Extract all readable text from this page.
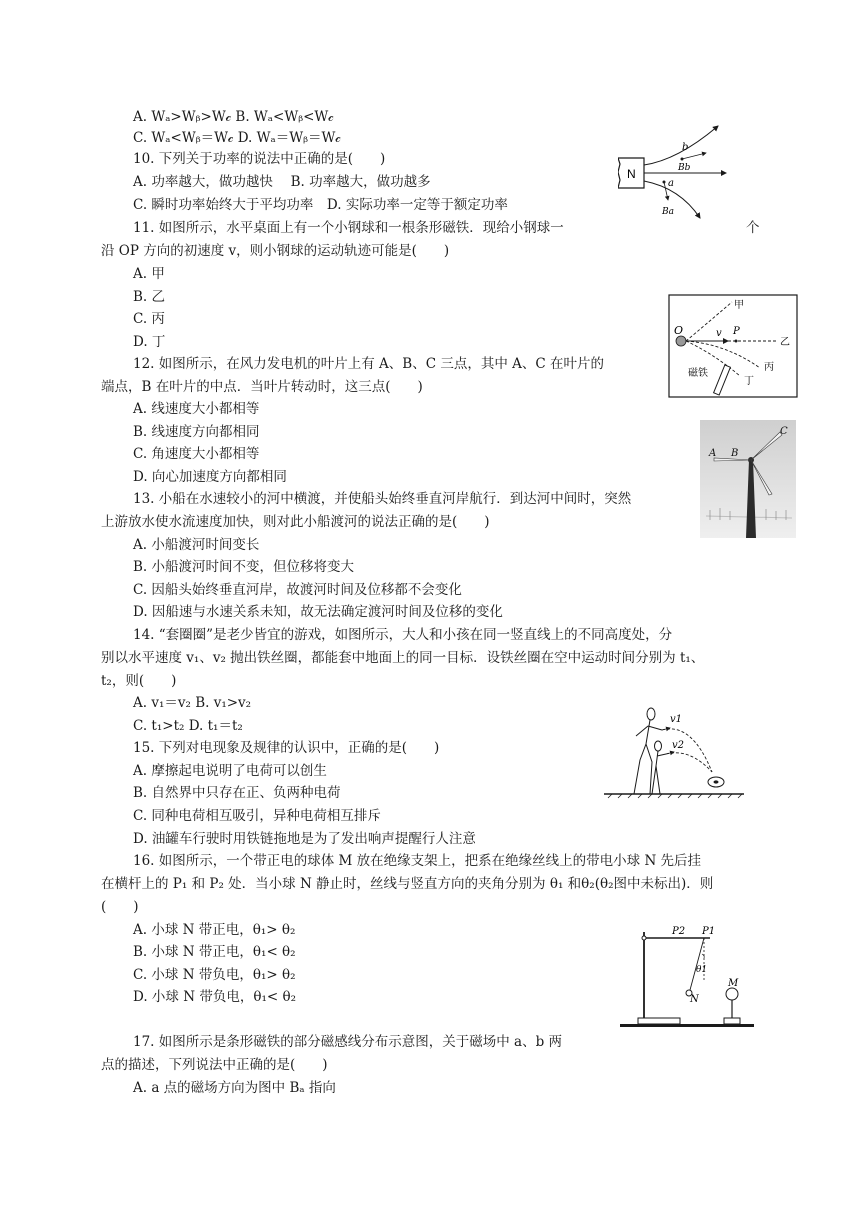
A. Wₐ>Wᵦ>W𝒸 B. Wₐ<Wᵦ<W𝒸
C. Wₐ<Wᵦ＝W𝒸 D. Wₐ＝Wᵦ＝W𝒸
10. 下列关于功率的说法中正确的是(　　)
A. 功率越大，做功越快　 B. 功率越大，做功越多
C. 瞬时功率始终大于平均功率　D. 实际功率一定等于额定功率
11. 如图所示，水平桌面上有一个小钢球和一根条形磁铁．现给小钢球一	个
沿 OP 方向的初速度 v，则小钢球的运动轨迹可能是(　　)
A. 甲
B. 乙
C. 丙
D. 丁
12. 如图所示，在风力发电机的叶片上有 A、B、C 三点，其中 A、C 在叶片的
端点，B 在叶片的中点．当叶片转动时，这三点(　　)
A. 线速度大小都相等
B. 线速度方向都相同
C. 角速度大小都相等
D. 向心加速度方向都相同
13. 小船在水速较小的河中横渡，并使船头始终垂直河岸航行．到达河中间时，突然
上游放水使水流速度加快，则对此小船渡河的说法正确的是(　　)
A. 小船渡河时间变长
B. 小船渡河时间不变，但位移将变大
C. 因船头始终垂直河岸，故渡河时间及位移都不会变化
D. 因船速与水速关系未知，故无法确定渡河时间及位移的变化
14. “套圈圈”是老少皆宜的游戏，如图所示，大人和小孩在同一竖直线上的不同高度处，分
别以水平速度 v₁、v₂ 抛出铁丝圈，都能套中地面上的同一目标．设铁丝圈在空中运动时间分别为 t₁、
t₂，则(　　)
A. v₁＝v₂ B. v₁>v₂
C. t₁>t₂ D. t₁＝t₂
15. 下列对电现象及规律的认识中，正确的是(　　)
A. 摩擦起电说明了电荷可以创生
B. 自然界中只存在正、负两种电荷
C. 同种电荷相互吸引，异种电荷相互排斥
D. 油罐车行驶时用铁链拖地是为了发出响声提醒行人注意
16. 如图所示，一个带正电的球体 M 放在绝缘支架上，把系在绝缘丝线上的带电小球 N 先后挂
在横杆上的 P₁ 和 P₂ 处．当小球 N 静止时，丝线与竖直方向的夹角分别为 θ₁ 和θ₂(θ₂图中未标出)．则
(　　)
A. 小球 N 带正电，θ₁> θ₂
B. 小球 N 带正电，θ₁< θ₂
C. 小球 N 带负电，θ₁> θ₂
D. 小球 N 带负电，θ₁< θ₂
17. 如图所示是条形磁铁的部分磁感线分布示意图，关于磁场中 a、b 两
点的描述，下列说法中正确的是(　　)
A. a 点的磁场方向为图中 Bₐ 指向
N
b
Bb
a
Ba
O	v P
甲
乙
丙
丁
磁铁
A B
C
v1
v2
P2 P1
θ1
N
M
